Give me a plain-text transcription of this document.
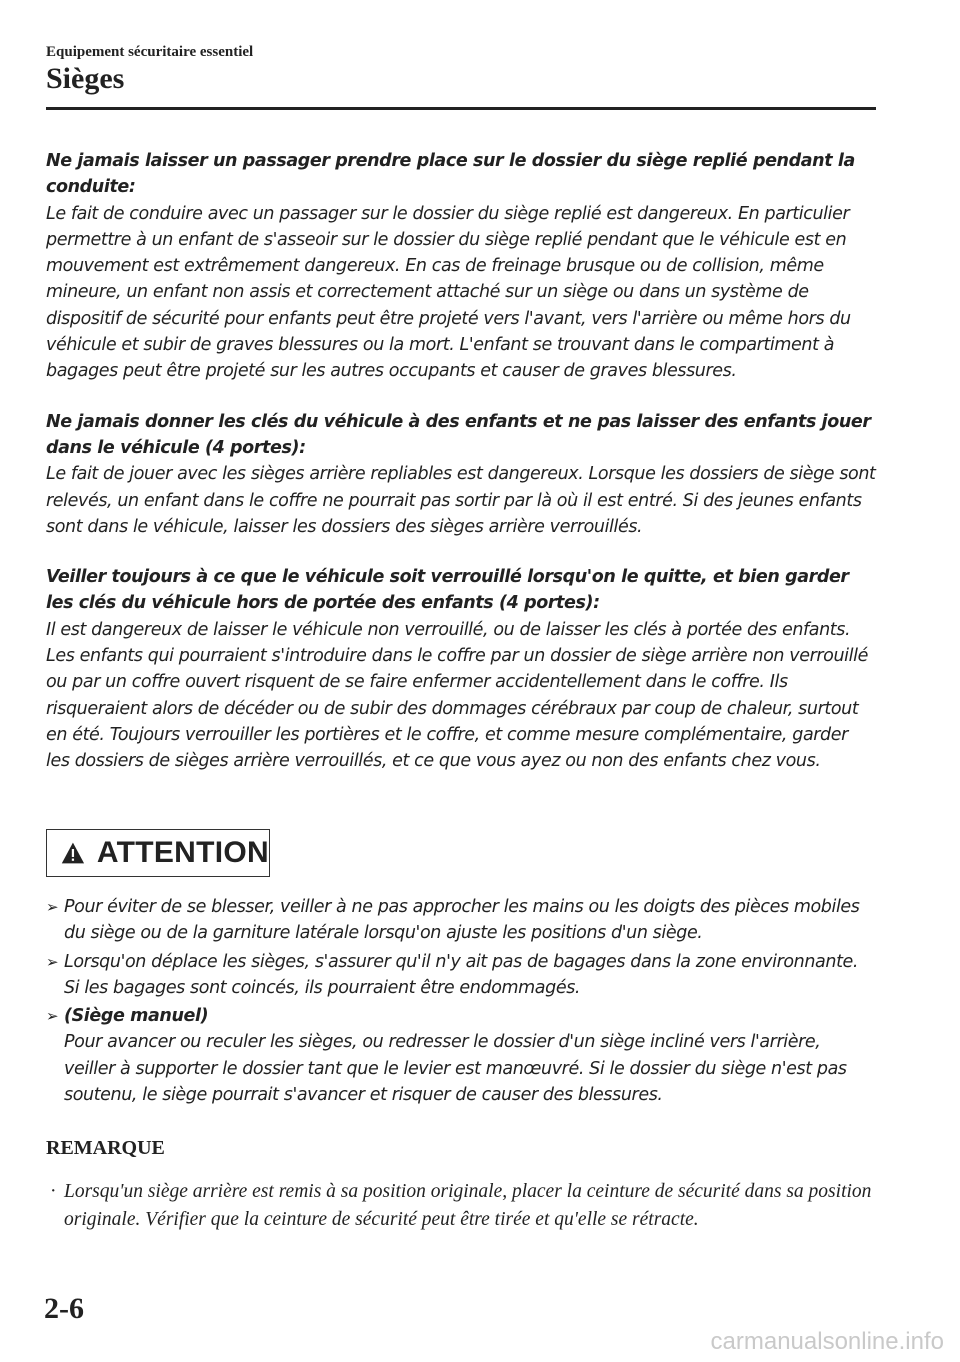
Equipement sécuritaire essentiel
Sièges
Ne jamais laisser un passager prendre place sur le dossier du siège replié pendant la conduite:
Le fait de conduire avec un passager sur le dossier du siège replié est dangereux. En particulier permettre à un enfant de s'asseoir sur le dossier du siège replié pendant que le véhicule est en mouvement est extrêmement dangereux. En cas de freinage brusque ou de collision, même mineure, un enfant non assis et correctement attaché sur un siège ou dans un système de dispositif de sécurité pour enfants peut être projeté vers l'avant, vers l'arrière ou même hors du véhicule et subir de graves blessures ou la mort. L'enfant se trouvant dans le compartiment à bagages peut être projeté sur les autres occupants et causer de graves blessures.
Ne jamais donner les clés du véhicule à des enfants et ne pas laisser des enfants jouer dans le véhicule (4 portes):
Le fait de jouer avec les sièges arrière repliables est dangereux. Lorsque les dossiers de siège sont relevés, un enfant dans le coffre ne pourrait pas sortir par là où il est entré. Si des jeunes enfants sont dans le véhicule, laisser les dossiers des sièges arrière verrouillés.
Veiller toujours à ce que le véhicule soit verrouillé lorsqu'on le quitte, et bien garder les clés du véhicule hors de portée des enfants (4 portes):
Il est dangereux de laisser le véhicule non verrouillé, ou de laisser les clés à portée des enfants. Les enfants qui pourraient s'introduire dans le coffre par un dossier de siège arrière non verrouillé ou par un coffre ouvert risquent de se faire enfermer accidentellement dans le coffre. Ils risqueraient alors de décéder ou de subir des dommages cérébraux par coup de chaleur, surtout en été. Toujours verrouiller les portières et le coffre, et comme mesure complémentaire, garder les dossiers de sièges arrière verrouillés, et ce que vous ayez ou non des enfants chez vous.
ATTENTION
➢ Pour éviter de se blesser, veiller à ne pas approcher les mains ou les doigts des pièces mobiles du siège ou de la garniture latérale lorsqu'on ajuste les positions d'un siège.
➢ Lorsqu'on déplace les sièges, s'assurer qu'il n'y ait pas de bagages dans la zone environnante. Si les bagages sont coincés, ils pourraient être endommagés.
➢ (Siège manuel)
Pour avancer ou reculer les sièges, ou redresser le dossier d'un siège incliné vers l'arrière, veiller à supporter le dossier tant que le levier est manœuvré. Si le dossier du siège n'est pas soutenu, le siège pourrait s'avancer et risquer de causer des blessures.
REMARQUE
· Lorsqu'un siège arrière est remis à sa position originale, placer la ceinture de sécurité dans sa position originale. Vérifier que la ceinture de sécurité peut être tirée et qu'elle se rétracte.
2-6
carmanualsonline.info
